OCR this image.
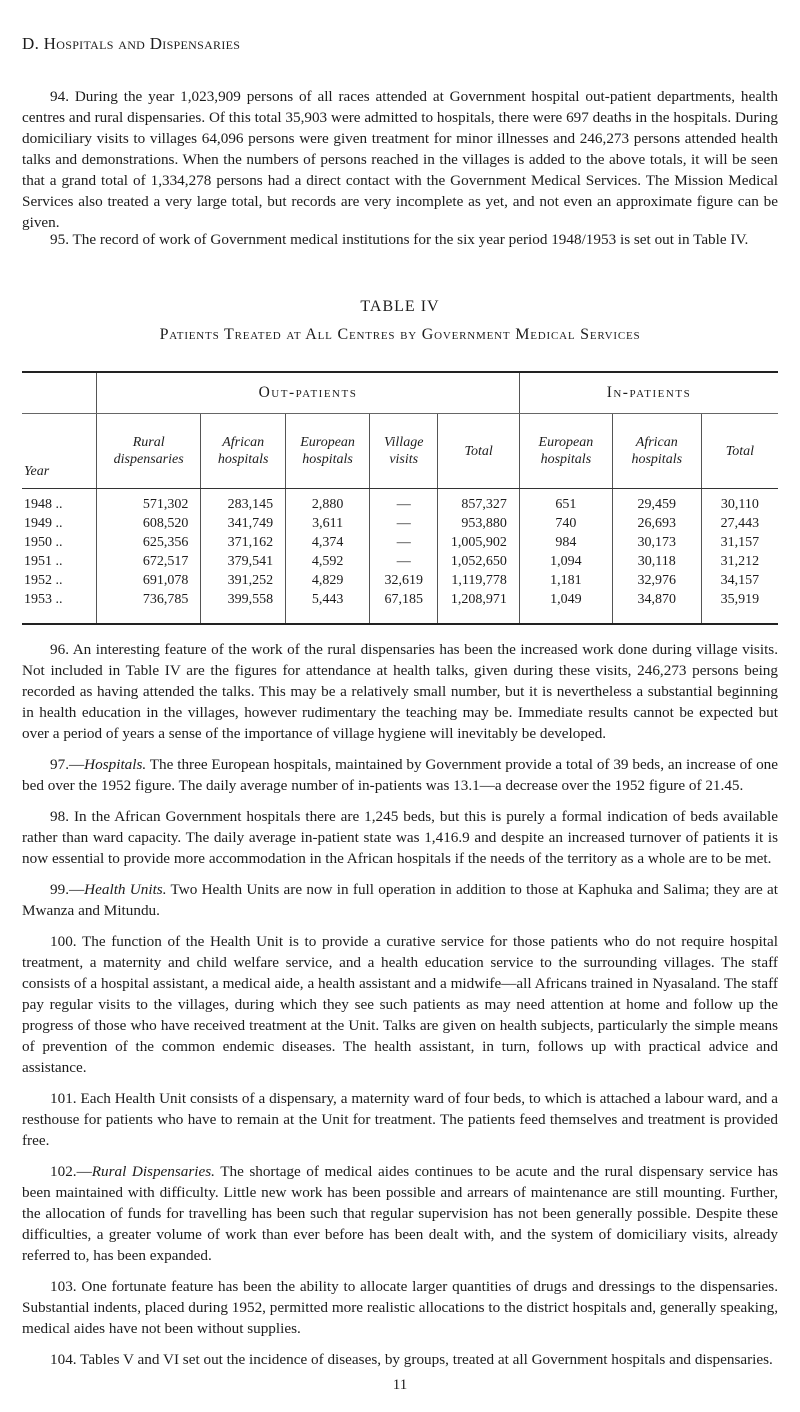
D. Hospitals and Dispensaries

94. During the year 1,023,909 persons of all races attended at Government hospital out-patient departments, health centres and rural dispensaries. Of this total 35,903 were admitted to hospitals, there were 697 deaths in the hospitals. During domiciliary visits to villages 64,096 persons were given treatment for minor illnesses and 246,273 persons attended health talks and demonstrations. When the numbers of persons reached in the villages is added to the above totals, it will be seen that a grand total of 1,334,278 persons had a direct contact with the Government Medical Services. The Mission Medical Services also treated a very large total, but records are very incomplete as yet, and not even an approximate figure can be given.

95. The record of work of Government medical institutions for the six year period 1948/1953 is set out in Table IV.

TABLE IV
Patients Treated at All Centres by Government Medical Services
	Out-patients					In-patients		
Year	Rural dispensaries	African hospitals	European hospitals	Village visits	Total	European hospitals	African hospitals	Total
1948 ..	571,302	283,145	2,880	—	857,327	651	29,459	30,110
1949 ..	608,520	341,749	3,611	—	953,880	740	26,693	27,443
1950 ..	625,356	371,162	4,374	—	1,005,902	984	30,173	31,157
1951 ..	672,517	379,541	4,592	—	1,052,650	1,094	30,118	31,212
1952 ..	691,078	391,252	4,829	32,619	1,119,778	1,181	32,976	34,157
1953 ..	736,785	399,558	5,443	67,185	1,208,971	1,049	34,870	35,919

96. An interesting feature of the work of the rural dispensaries has been the increased work done during village visits. Not included in Table IV are the figures for attendance at health talks, given during these visits, 246,273 persons being recorded as having attended the talks. This may be a relatively small number, but it is nevertheless a substantial beginning in health education in the villages, however rudimentary the teaching may be. Immediate results cannot be expected but over a period of years a sense of the importance of village hygiene will inevitably be developed.

97.—Hospitals. The three European hospitals, maintained by Government provide a total of 39 beds, an increase of one bed over the 1952 figure. The daily average number of in-patients was 13.1—a decrease over the 1952 figure of 21.45.

98. In the African Government hospitals there are 1,245 beds, but this is purely a formal indication of beds available rather than ward capacity. The daily average in-patient state was 1,416.9 and despite an increased turnover of patients it is now essential to provide more accommodation in the African hospitals if the needs of the territory as a whole are to be met.

99.—Health Units. Two Health Units are now in full operation in addition to those at Kaphuka and Salima; they are at Mwanza and Mitundu.

100. The function of the Health Unit is to provide a curative service for those patients who do not require hospital treatment, a maternity and child welfare service, and a health education service to the surrounding villages. The staff consists of a hospital assistant, a medical aide, a health assistant and a midwife—all Africans trained in Nyasaland. The staff pay regular visits to the villages, during which they see such patients as may need attention at home and follow up the progress of those who have received treatment at the Unit. Talks are given on health subjects, particularly the simple means of prevention of the common endemic diseases. The health assistant, in turn, follows up with practical advice and assistance.

101. Each Health Unit consists of a dispensary, a maternity ward of four beds, to which is attached a labour ward, and a resthouse for patients who have to remain at the Unit for treatment. The patients feed themselves and treatment is provided free.

102.—Rural Dispensaries. The shortage of medical aides continues to be acute and the rural dispensary service has been maintained with difficulty. Little new work has been possible and arrears of maintenance are still mounting. Further, the allocation of funds for travelling has been such that regular supervision has not been generally possible. Despite these difficulties, a greater volume of work than ever before has been dealt with, and the system of domiciliary visits, already referred to, has been expanded.

103. One fortunate feature has been the ability to allocate larger quantities of drugs and dressings to the dispensaries. Substantial indents, placed during 1952, permitted more realistic allocations to the district hospitals and, generally speaking, medical aides have not been without supplies.

104. Tables V and VI set out the incidence of diseases, by groups, treated at all Government hospitals and dispensaries.

11
